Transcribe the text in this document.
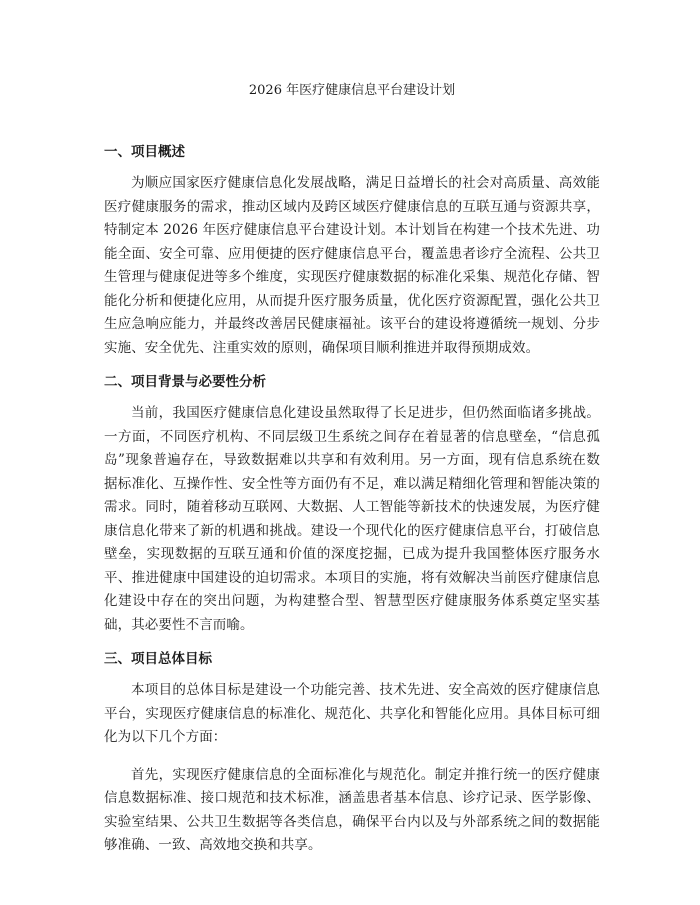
2026 年医疗健康信息平台建设计划
一、项目概述

为顺应国家医疗健康信息化发展战略，满足日益增长的社会对高质量、高效能医疗健康服务的需求，推动区域内及跨区域医疗健康信息的互联互通与资源共享，特制定本 2026 年医疗健康信息平台建设计划。本计划旨在构建一个技术先进、功能全面、安全可靠、应用便捷的医疗健康信息平台，覆盖患者诊疗全流程、公共卫生管理与健康促进等多个维度，实现医疗健康数据的标准化采集、规范化存储、智能化分析和便捷化应用，从而提升医疗服务质量，优化医疗资源配置，强化公共卫生应急响应能力，并最终改善居民健康福祉。该平台的建设将遵循统一规划、分步实施、安全优先、注重实效的原则，确保项目顺利推进并取得预期成效。

二、项目背景与必要性分析

当前，我国医疗健康信息化建设虽然取得了长足进步，但仍然面临诸多挑战。一方面，不同医疗机构、不同层级卫生系统之间存在着显著的信息壁垒，“信息孤岛”现象普遍存在，导致数据难以共享和有效利用。另一方面，现有信息系统在数据标准化、互操作性、安全性等方面仍有不足，难以满足精细化管理和智能决策的需求。同时，随着移动互联网、大数据、人工智能等新技术的快速发展，为医疗健康信息化带来了新的机遇和挑战。建设一个现代化的医疗健康信息平台，打破信息壁垒，实现数据的互联互通和价值的深度挖掘，已成为提升我国整体医疗服务水平、推进健康中国建设的迫切需求。本项目的实施，将有效解决当前医疗健康信息化建设中存在的突出问题，为构建整合型、智慧型医疗健康服务体系奠定坚实基础，其必要性不言而喻。

三、项目总体目标

本项目的总体目标是建设一个功能完善、技术先进、安全高效的医疗健康信息平台，实现医疗健康信息的标准化、规范化、共享化和智能化应用。具体目标可细化为以下几个方面：

首先，实现医疗健康信息的全面标准化与规范化。制定并推行统一的医疗健康信息数据标准、接口规范和技术标准，涵盖患者基本信息、诊疗记录、医学影像、实验室结果、公共卫生数据等各类信息，确保平台内以及与外部系统之间的数据能够准确、一致、高效地交换和共享。
